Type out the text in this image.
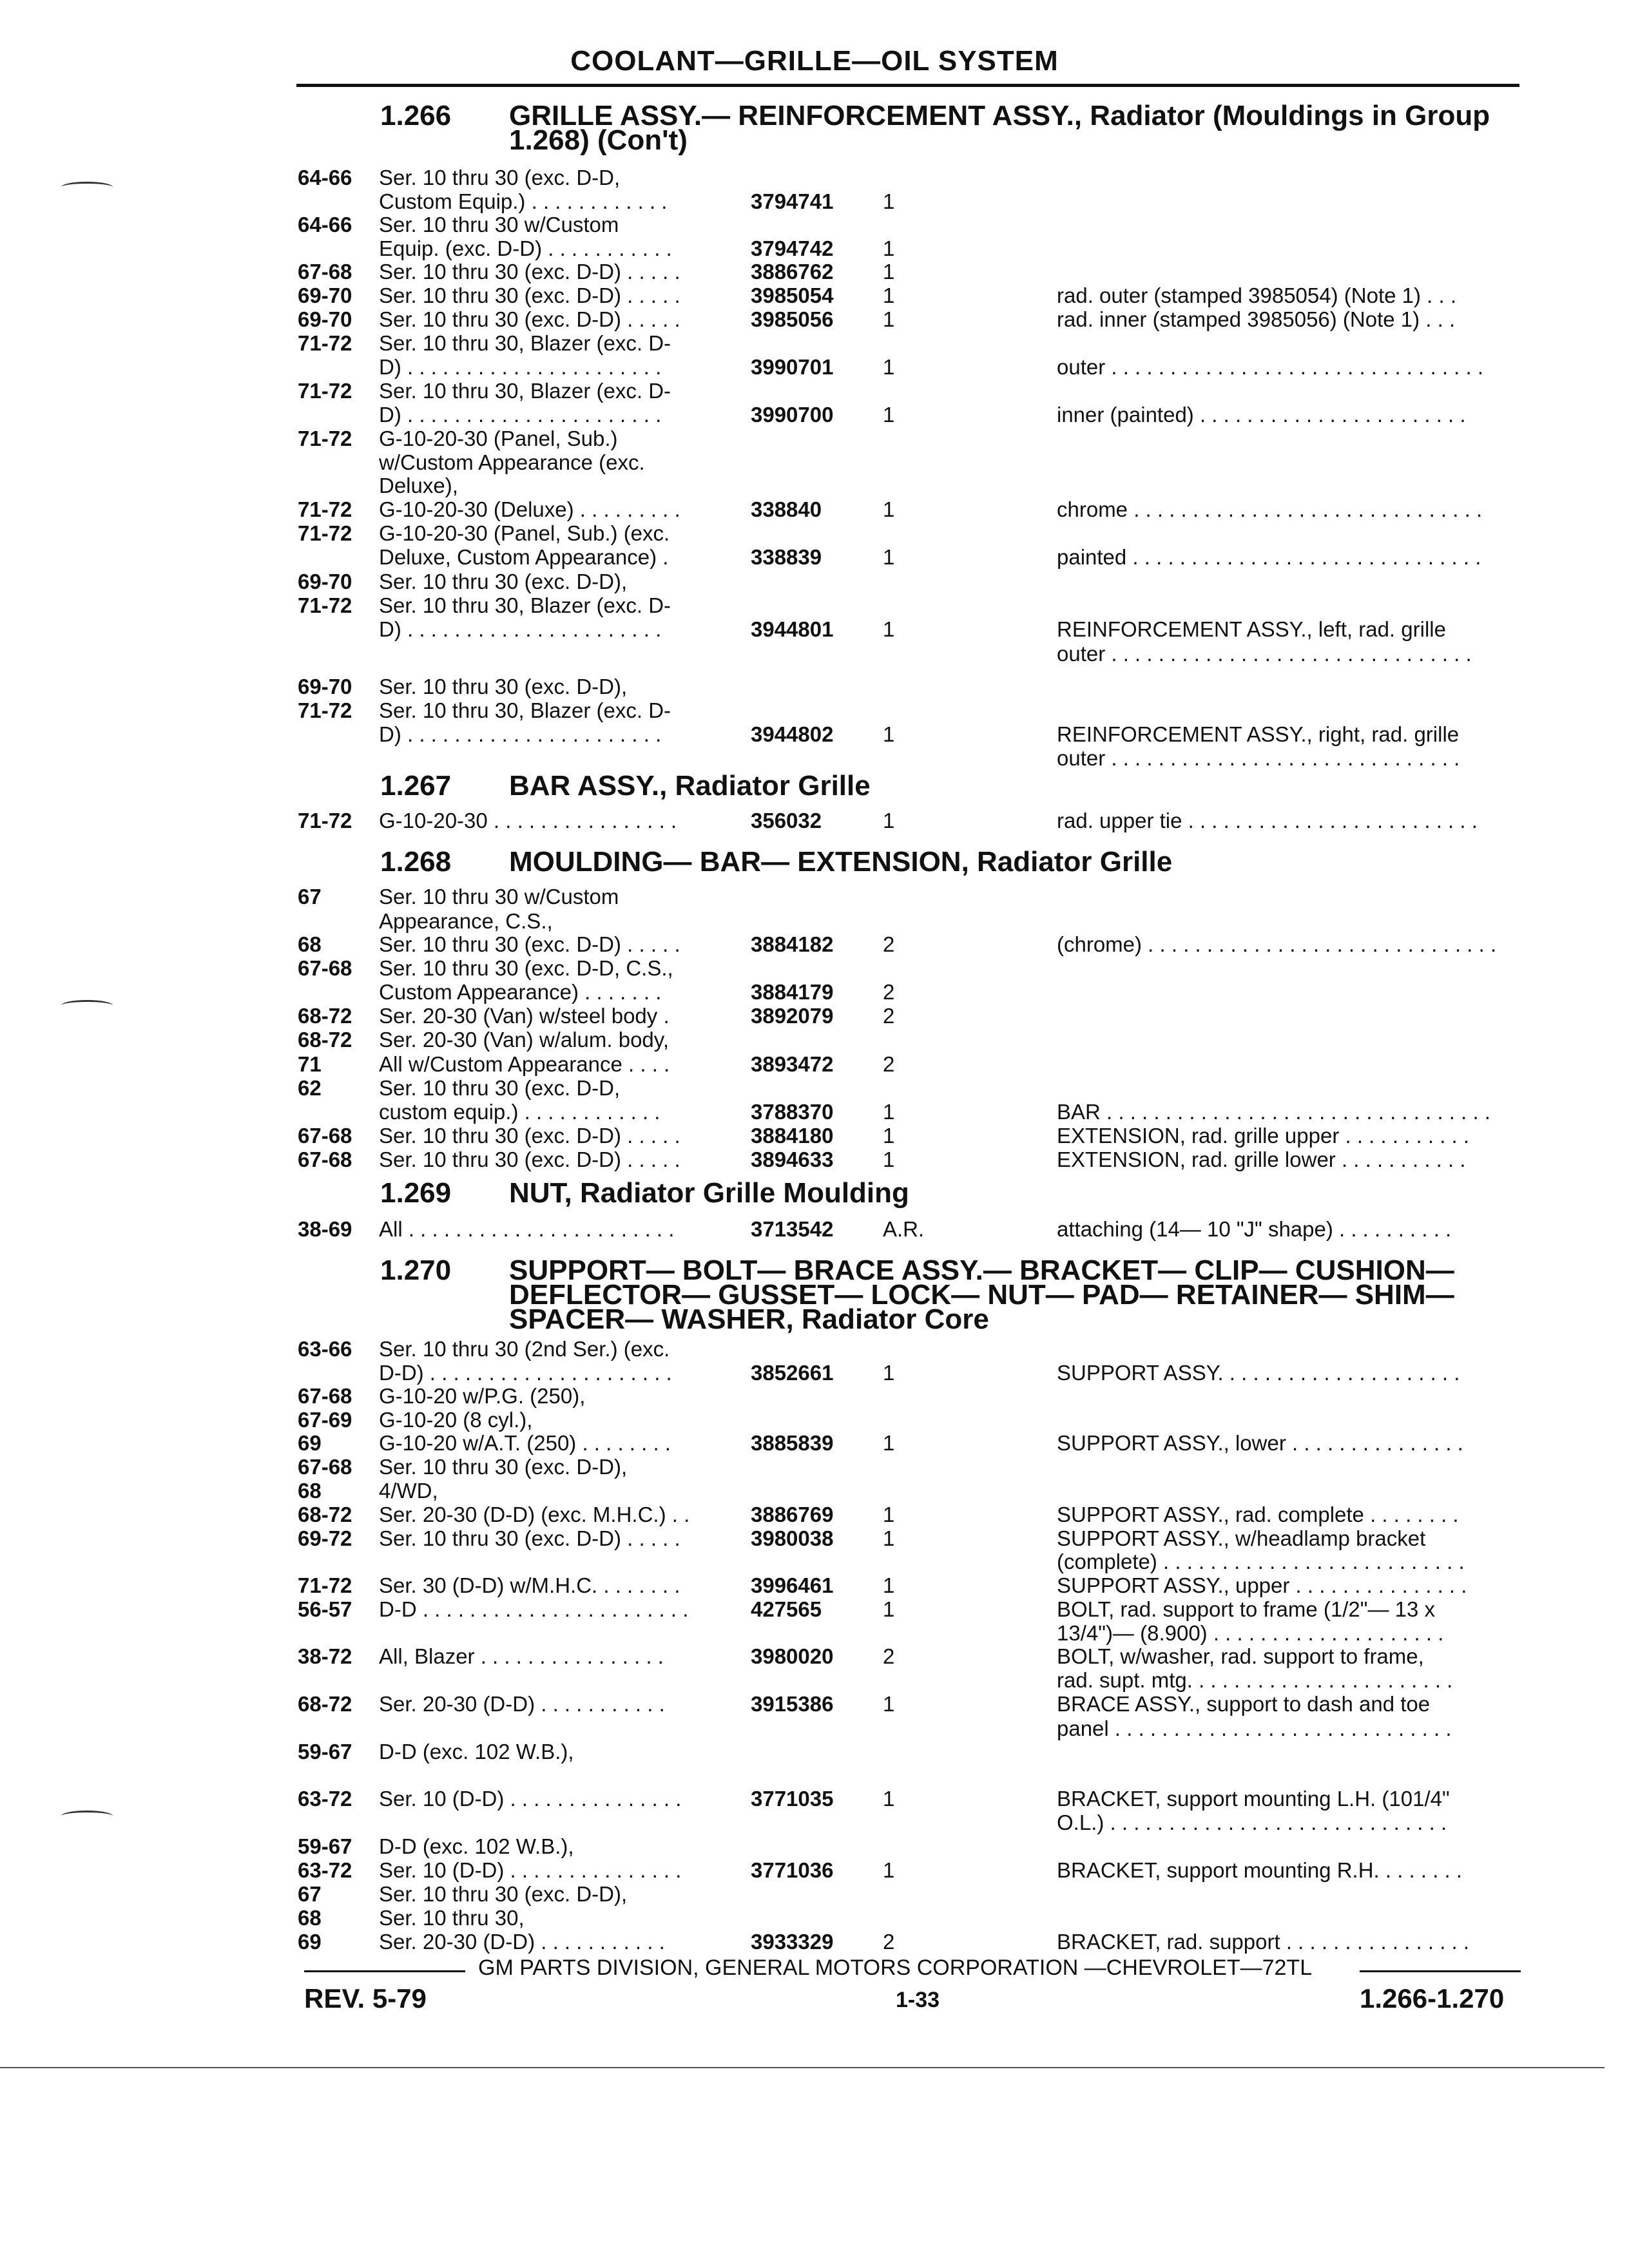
COOLANT—GRILLE—OIL SYSTEM
1.266	GRILLE ASSY.— REINFORCEMENT ASSY., Radiator (Mouldings in Group
1.268) (Con't)
1.267	BAR ASSY., Radiator Grille
1.268	MOULDING— BAR— EXTENSION, Radiator Grille
1.269	NUT, Radiator Grille Moulding
1.270	SUPPORT— BOLT— BRACE ASSY.— BRACKET— CLIP— CUSHION—
DEFLECTOR— GUSSET— LOCK— NUT— PAD— RETAINER— SHIM—
SPACER— WASHER, Radiator Core
64-66 Ser. 10 thru 30 (exc. D-D,
Custom Equip.) . . . . . . . . . . . .	3794741 1
64-66 Ser. 10 thru 30 w/Custom
Equip. (exc. D-D) . . . . . . . . . . .	3794742 1
67-68 Ser. 10 thru 30 (exc. D-D) . . . . .	3886762 1
69-70 Ser. 10 thru 30 (exc. D-D) . . . . .	3985054 1	rad. outer (stamped 3985054) (Note 1) . . .
69-70 Ser. 10 thru 30 (exc. D-D) . . . . .	3985056 1	rad. inner (stamped 3985056) (Note 1) . . .
71-72 Ser. 10 thru 30, Blazer (exc. D-
D) . . . . . . . . . . . . . . . . . . . . . .	3990701 1	outer . . . . . . . . . . . . . . . . . . . . . . . . . . . . . . . .
71-72 Ser. 10 thru 30, Blazer (exc. D-
D) . . . . . . . . . . . . . . . . . . . . . .	3990700 1	inner (painted) . . . . . . . . . . . . . . . . . . . . . . .
71-72 G-10-20-30 (Panel, Sub.)
w/Custom Appearance (exc.
Deluxe),
71-72 G-10-20-30 (Deluxe) . . . . . . . . .	338840	1	chrome . . . . . . . . . . . . . . . . . . . . . . . . . . . . . .
71-72 G-10-20-30 (Panel, Sub.) (exc.
Deluxe, Custom Appearance) .	338839	1	painted . . . . . . . . . . . . . . . . . . . . . . . . . . . . . .
69-70 Ser. 10 thru 30 (exc. D-D),
71-72 Ser. 10 thru 30, Blazer (exc. D-
D) . . . . . . . . . . . . . . . . . . . . . .	3944801 1	REINFORCEMENT ASSY., left, rad. grille
outer . . . . . . . . . . . . . . . . . . . . . . . . . . . . . . .
69-70 Ser. 10 thru 30 (exc. D-D),
71-72 Ser. 10 thru 30, Blazer (exc. D-
D) . . . . . . . . . . . . . . . . . . . . . .	3944802 1	REINFORCEMENT ASSY., right, rad. grille
outer . . . . . . . . . . . . . . . . . . . . . . . . . . . . . .
71-72 G-10-20-30 . . . . . . . . . . . . . . . .	356032	1	rad. upper tie . . . . . . . . . . . . . . . . . . . . . . . . .
67	Ser. 10 thru 30 w/Custom
Appearance, C.S.,
68	Ser. 10 thru 30 (exc. D-D) . . . . .	3884182 2	(chrome) . . . . . . . . . . . . . . . . . . . . . . . . . . . . . .
67-68 Ser. 10 thru 30 (exc. D-D, C.S.,
Custom Appearance) . . . . . . .	3884179 2
68-72 Ser. 20-30 (Van) w/steel body .	3892079 2
68-72 Ser. 20-30 (Van) w/alum. body,
71	All w/Custom Appearance . . . .	3893472 2
62	Ser. 10 thru 30 (exc. D-D,
custom equip.) . . . . . . . . . . . .	3788370 1	BAR . . . . . . . . . . . . . . . . . . . . . . . . . . . . . . . . .
67-68 Ser. 10 thru 30 (exc. D-D) . . . . .	3884180 1	EXTENSION, rad. grille upper . . . . . . . . . . .
67-68 Ser. 10 thru 30 (exc. D-D) . . . . .	3894633 1	EXTENSION, rad. grille lower . . . . . . . . . . .
38-69 All . . . . . . . . . . . . . . . . . . . . . . .	3713542 A.R.	attaching (14— 10 "J" shape) . . . . . . . . . .
63-66 Ser. 10 thru 30 (2nd Ser.) (exc.
D-D) . . . . . . . . . . . . . . . . . . . . .	3852661 1	SUPPORT ASSY. . . . . . . . . . . . . . . . . . . . .
67-68 G-10-20 w/P.G. (250),
67-69 G-10-20 (8 cyl.),
69	G-10-20 w/A.T. (250) . . . . . . . .	3885839 1	SUPPORT ASSY., lower . . . . . . . . . . . . . . .
67-68 Ser. 10 thru 30 (exc. D-D),
68	4/WD,
68-72 Ser. 20-30 (D-D) (exc. M.H.C.) . .	3886769 1	SUPPORT ASSY., rad. complete . . . . . . . .
69-72 Ser. 10 thru 30 (exc. D-D) . . . . .	3980038 1	SUPPORT ASSY., w/headlamp bracket
(complete) . . . . . . . . . . . . . . . . . . . . . . . . . .
71-72 Ser. 30 (D-D) w/M.H.C. . . . . . . .	3996461 1	SUPPORT ASSY., upper . . . . . . . . . . . . . . .
56-57 D-D . . . . . . . . . . . . . . . . . . . . . . .	427565	1	BOLT, rad. support to frame (1/2"— 13 x
13/4")— (8.900) . . . . . . . . . . . . . . . . . . . .
38-72 All, Blazer . . . . . . . . . . . . . . . .	3980020 2	BOLT, w/washer, rad. support to frame,
rad. supt. mtg. . . . . . . . . . . . . . . . . . . . . . .
68-72 Ser. 20-30 (D-D) . . . . . . . . . . .	3915386 1	BRACE ASSY., support to dash and toe
panel . . . . . . . . . . . . . . . . . . . . . . . . . . . . .
59-67 D-D (exc. 102 W.B.),
63-72 Ser. 10 (D-D) . . . . . . . . . . . . . . .	3771035 1	BRACKET, support mounting L.H. (101/4"
O.L.) . . . . . . . . . . . . . . . . . . . . . . . . . . . . .
59-67 D-D (exc. 102 W.B.),
63-72 Ser. 10 (D-D) . . . . . . . . . . . . . . .	3771036 1	BRACKET, support mounting R.H. . . . . . . .
67	Ser. 10 thru 30 (exc. D-D),
68	Ser. 10 thru 30,
69	Ser. 20-30 (D-D) . . . . . . . . . . .	3933329 2	BRACKET, rad. support . . . . . . . . . . . . . . . .
GM PARTS DIVISION, GENERAL MOTORS CORPORATION —CHEVROLET—72TL
REV. 5-79	1-33	1.266-1.270
